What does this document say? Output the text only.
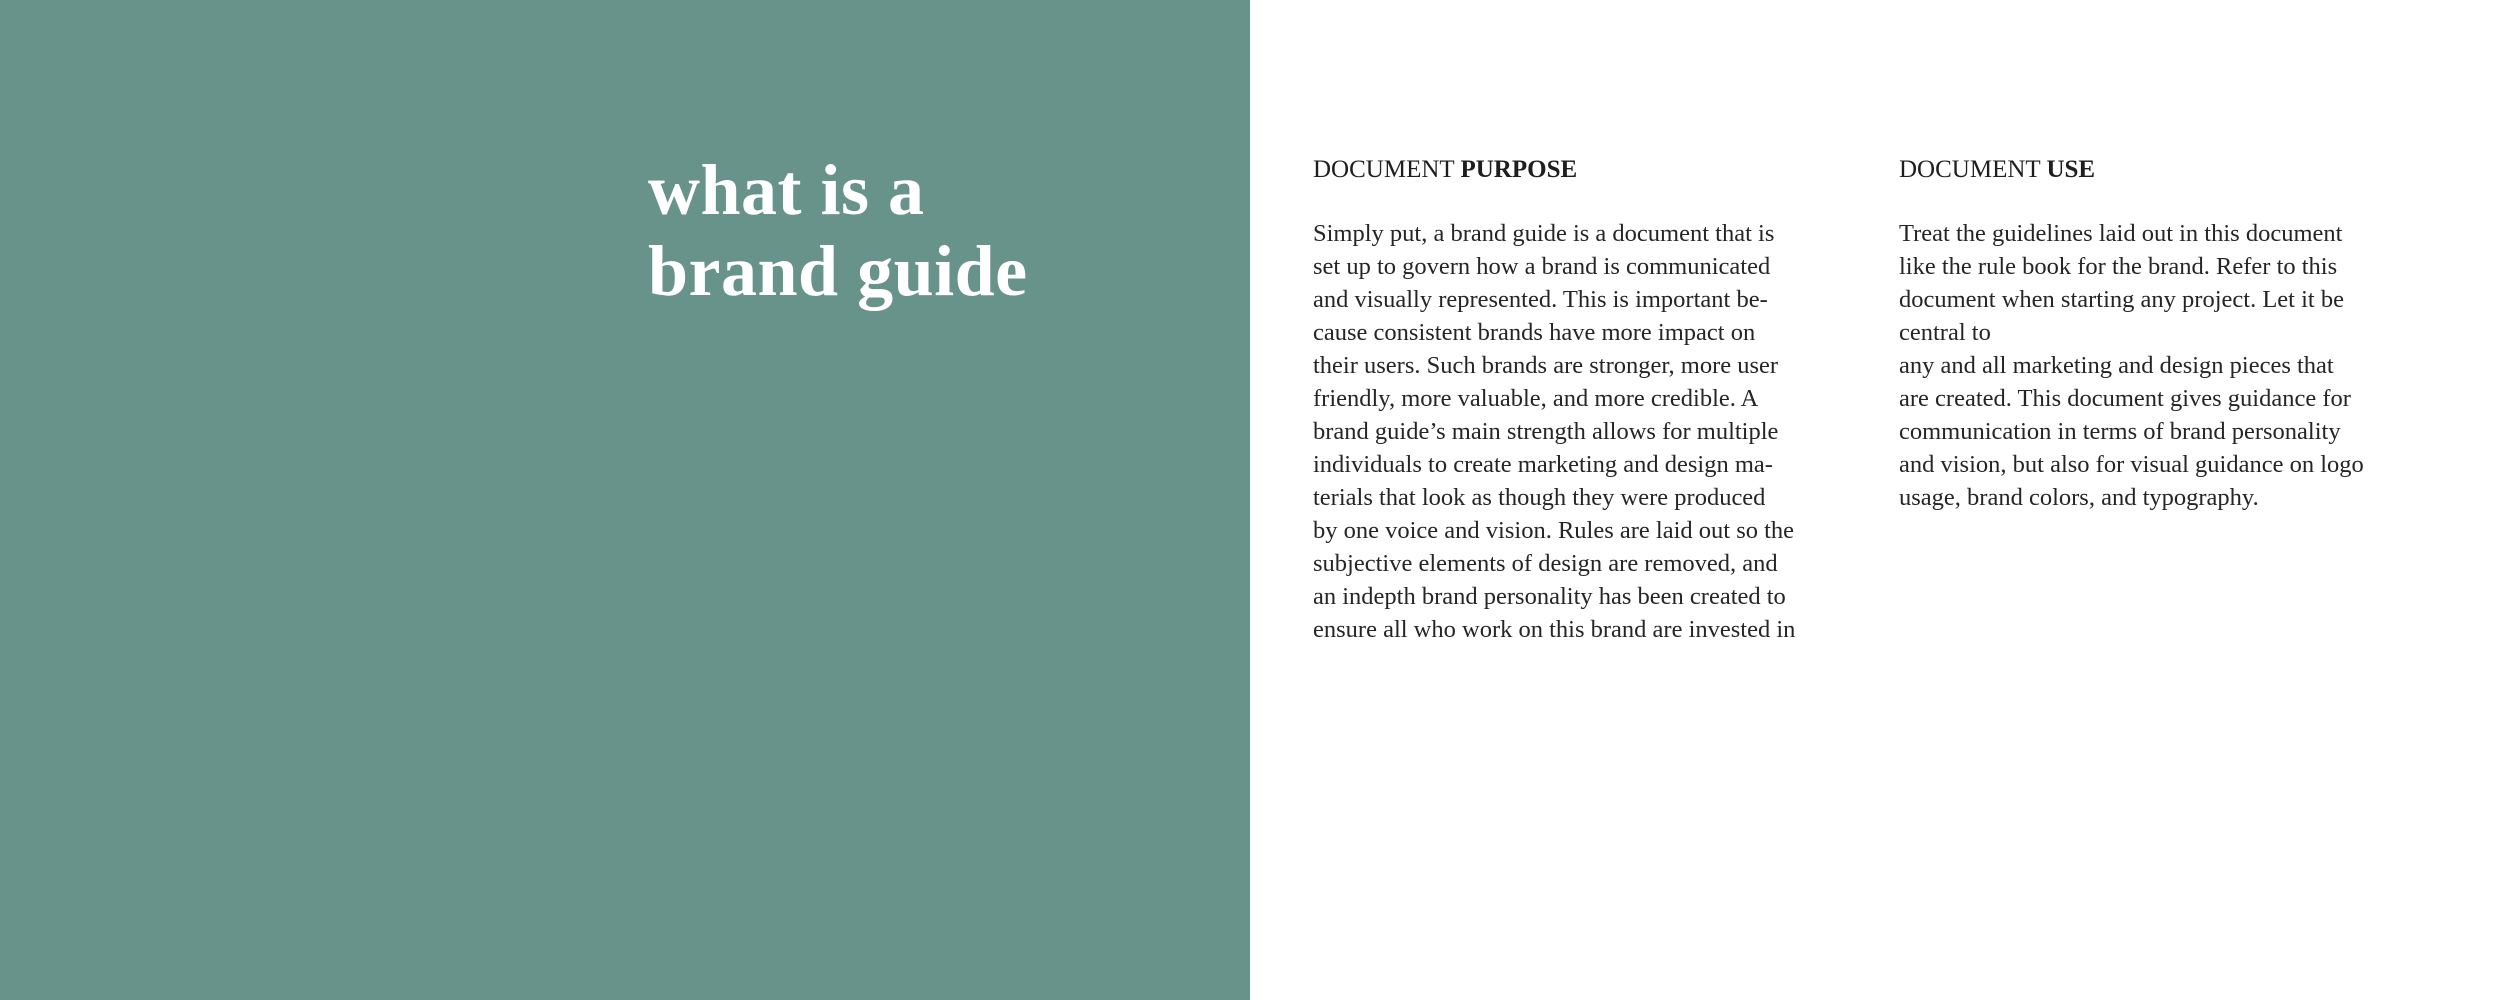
what is a
brand guide
DOCUMENT PURPOSE

Simply put, a brand guide is a document that is
set up to govern how a brand is communicated
and visually represented. This is important be-
cause consistent brands have more impact on
their users. Such brands are stronger, more user
friendly, more valuable, and more credible. A
brand guide’s main strength allows for multiple
individuals to create marketing and design ma-
terials that look as though they were produced
by one voice and vision. Rules are laid out so the
subjective elements of design are removed, and
an indepth brand personality has been created to
ensure all who work on this brand are invested in

DOCUMENT USE

Treat the guidelines laid out in this document
like the rule book for the brand. Refer to this
document when starting any project. Let it be
central to
any and all marketing and design pieces that
are created. This document gives guidance for
communication in terms of brand personality
and vision, but also for visual guidance on logo
usage, brand colors, and typography.
